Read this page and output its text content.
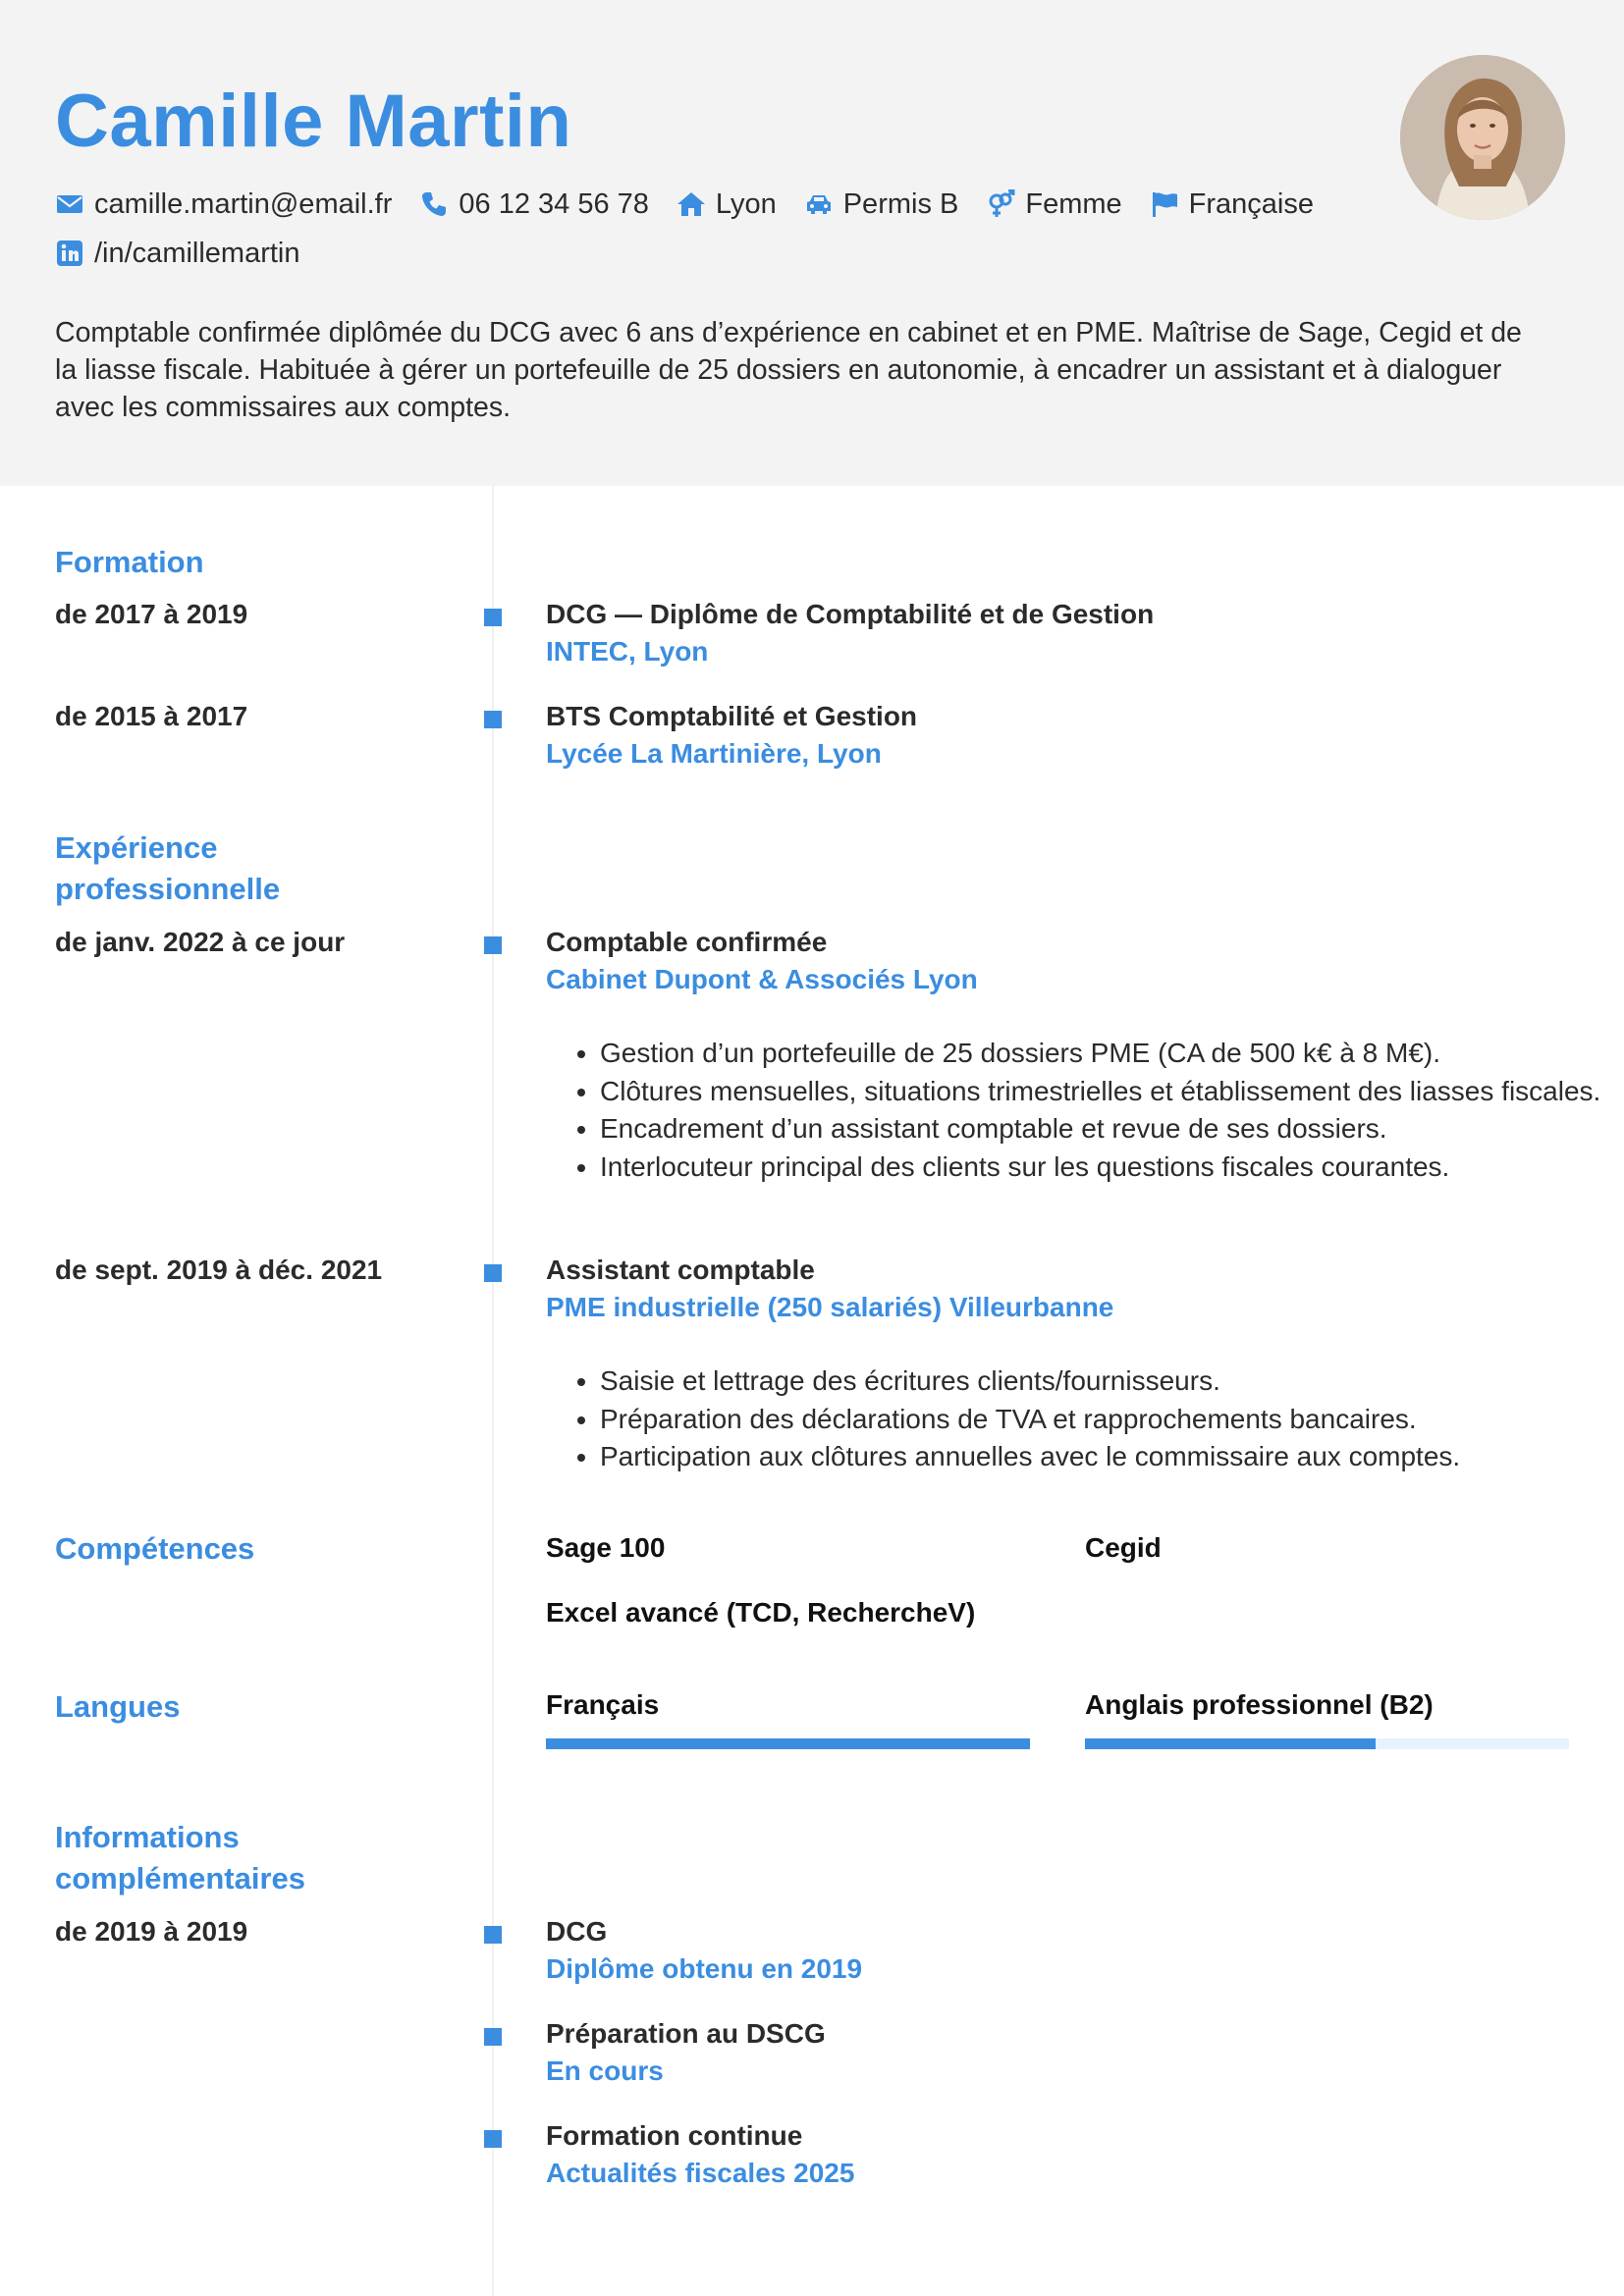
Camille Martin
camille.martin@email.fr 06 12 34 56 78 Lyon Permis B Femme Française
/in/camillemartin

Comptable confirmée diplômée du DCG avec 6 ans d’expérience en cabinet et en PME. Maîtrise de Sage, Cegid et de la liasse fiscale. Habituée à gérer un portefeuille de 25 dossiers en autonomie, à encadrer un assistant et à dialoguer avec les commissaires aux comptes.

Formation
de 2017 à 2019	DCG — Diplôme de Comptabilité et de Gestion
INTEC, Lyon
de 2015 à 2017	BTS Comptabilité et Gestion
Lycée La Martinière, Lyon
Expérience professionnelle
de janv. 2022 à ce jour	Comptable confirmée
Cabinet Dupont & Associés Lyon
• Gestion d’un portefeuille de 25 dossiers PME (CA de 500 k€ à 8 M€).
• Clôtures mensuelles, situations trimestrielles et établissement des liasses fiscales.
• Encadrement d’un assistant comptable et revue de ses dossiers.
• Interlocuteur principal des clients sur les questions fiscales courantes.
de sept. 2019 à déc. 2021	Assistant comptable
PME industrielle (250 salariés) Villeurbanne
• Saisie et lettrage des écritures clients/fournisseurs.
• Préparation des déclarations de TVA et rapprochements bancaires.
• Participation aux clôtures annuelles avec le commissaire aux comptes.
Compétences	Sage 100	Cegid
Excel avancé (TCD, RechercheV)
Langues	Français	Anglais professionnel (B2)
Informations complémentaires
de 2019 à 2019	DCG
Diplôme obtenu en 2019
Préparation au DSCG
En cours
Formation continue
Actualités fiscales 2025
